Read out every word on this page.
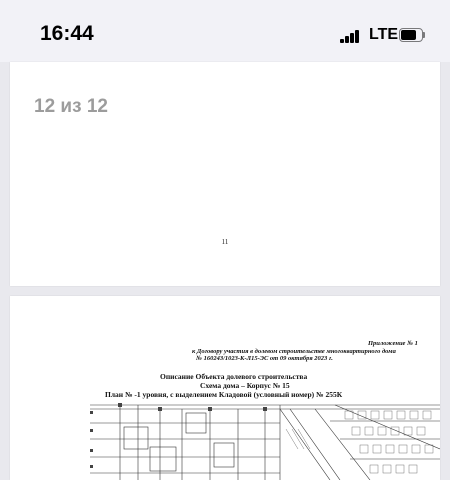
16:44	LTE
12 из 12
11
Приложение № 1
к Договору участия в долевом строительстве многоквартирного дома
№ 160243/1023-К-Л15-ЭС от 09 октября 2023 г.
Описание Объекта долевого строительства
Схема дома – Корпус № 15
План № -1 уровня, с выделением Кладовой (условный номер) № 255К
